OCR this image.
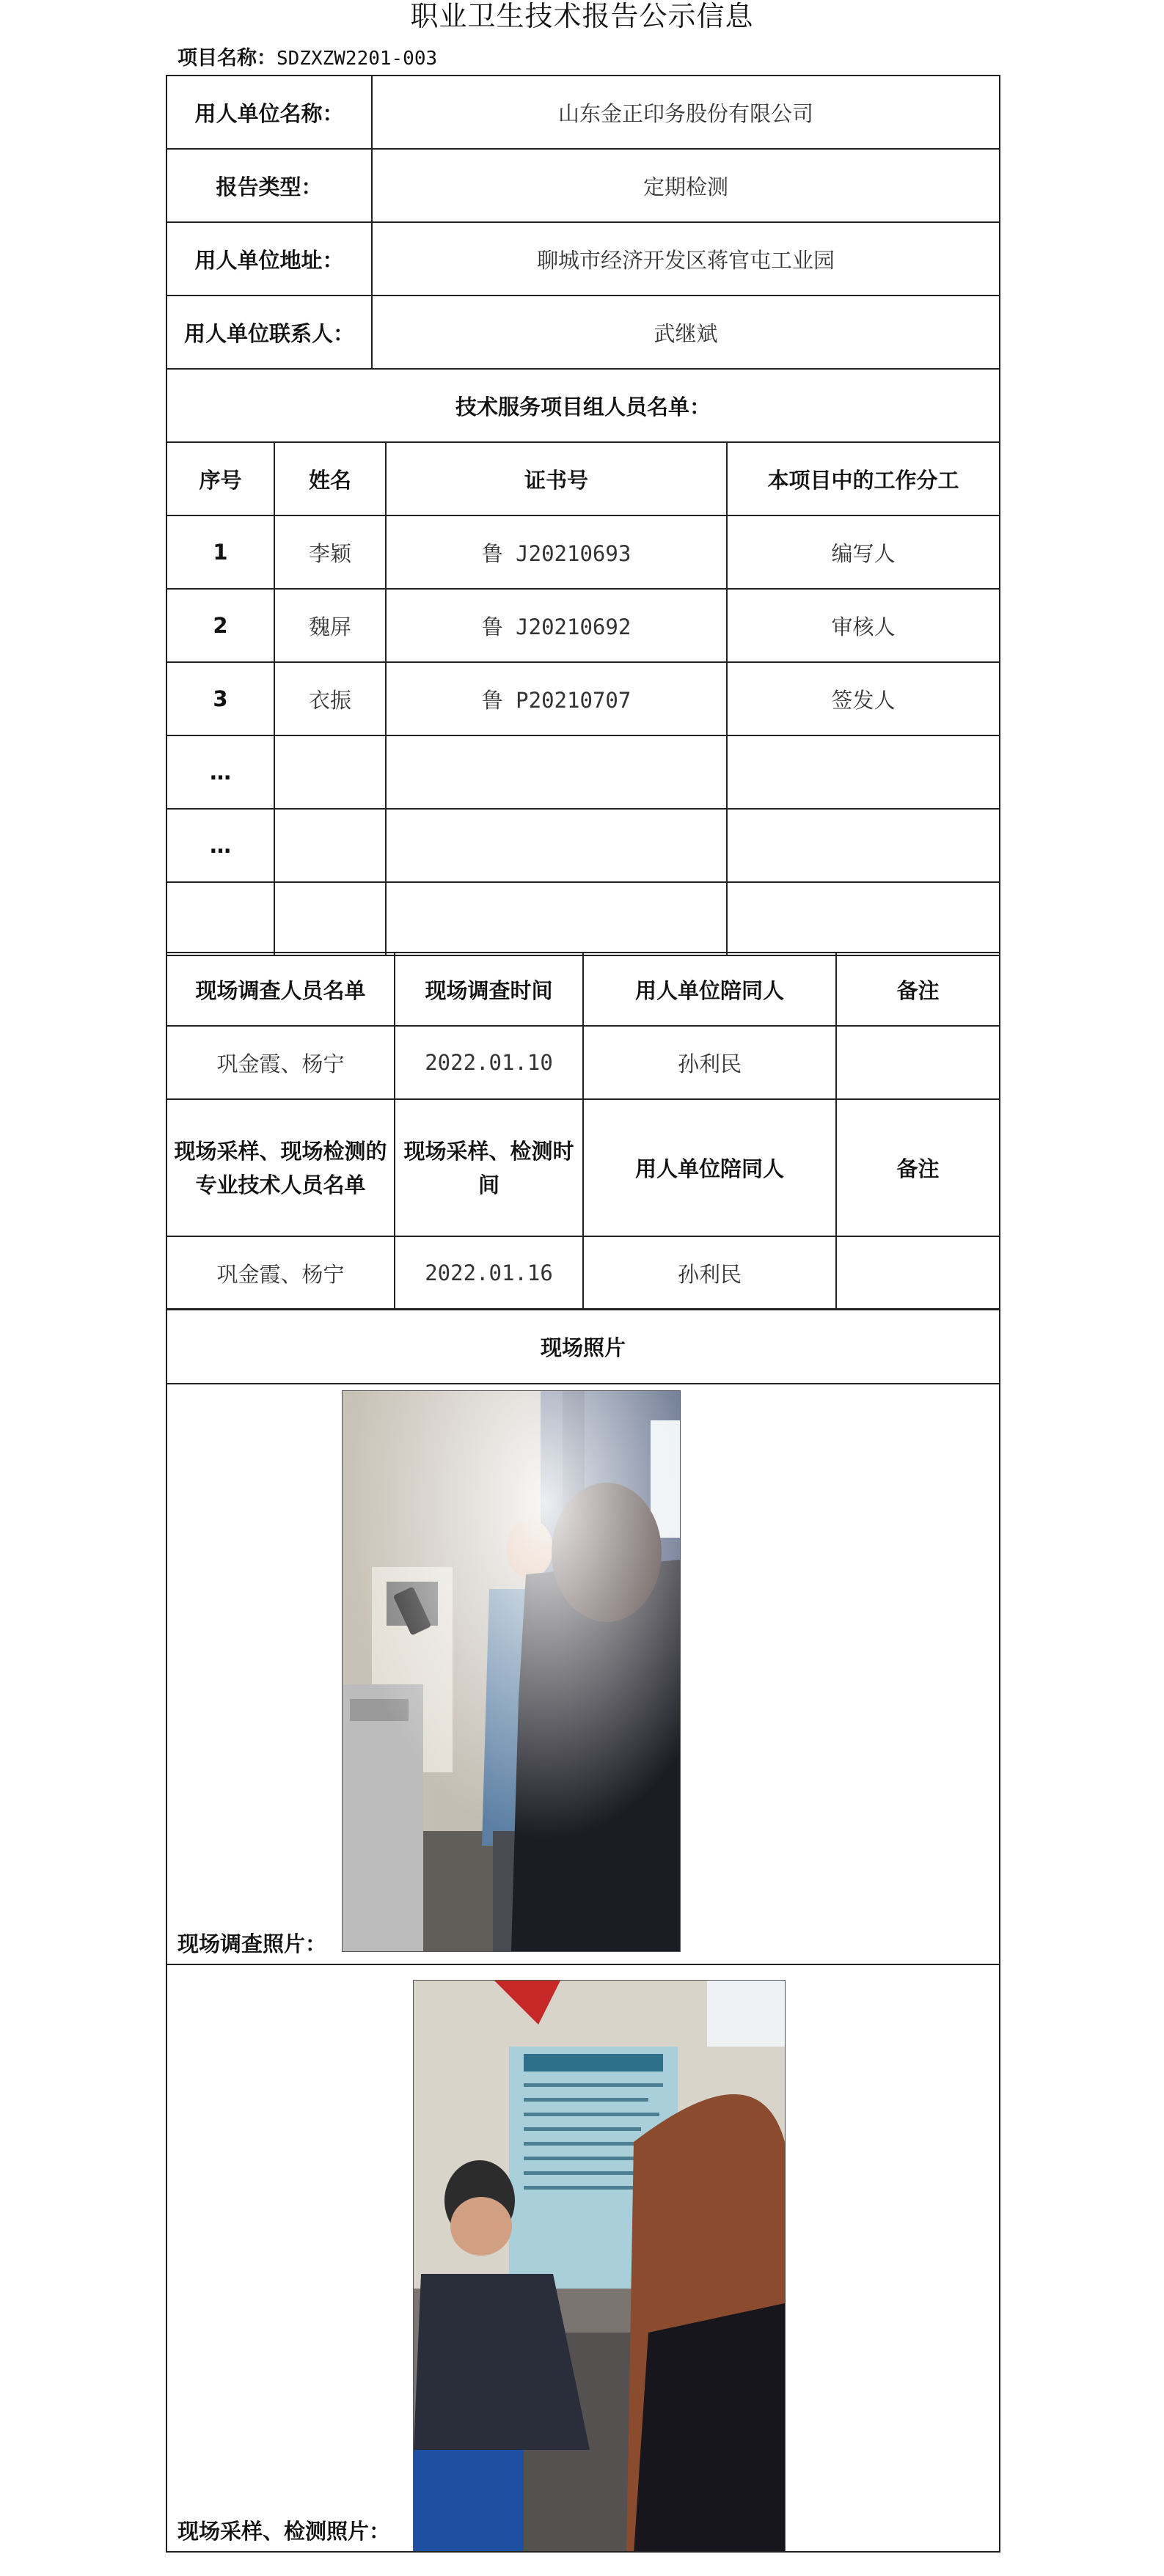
职业卫生技术报告公示信息
项目名称：SDZXZW2201-003
用人单位名称：		山东金正印务股份有限公司		
报告类型：		定期检测		
用人单位地址：		聊城市经济开发区蒋官屯工业园		
用人单位联系人：		武继斌		
技术服务项目组人员名单：				
序号	姓名		证书号	本项目中的工作分工
1	李颖		鲁 J20210693	编写人
2	魏屏		鲁 J20210692	审核人
3	衣振		鲁 P20210707	签发人
…				
…				

现场调查人员名单	现场调查时间	用人单位陪同人	备注
巩金霞、杨宁	2022.01.10	孙利民	
现场采样、现场检测的专业技术人员名单	现场采样、检测时间	用人单位陪同人	备注
巩金霞、杨宁	2022.01.16	孙利民	
现场照片

现场调查照片：

现场采样、检测照片：
